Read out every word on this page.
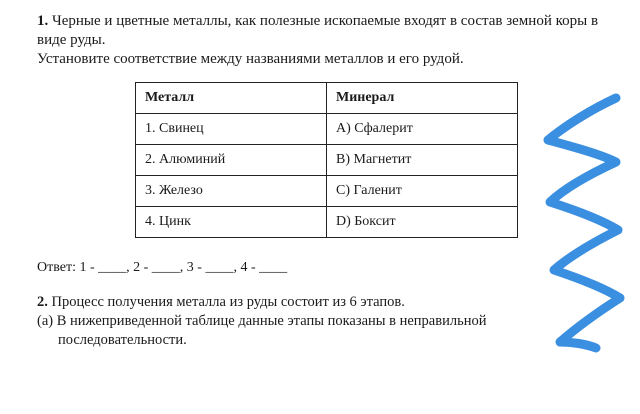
1. Черные и цветные металлы, как полезные ископаемые входят в состав земной коры в
виде руды.
Установите соответствие между названиями металлов и его рудой.
Металл	Минерал
1. Свинец	A) Сфалерит
2. Алюминий	B) Магнетит
3. Железо	C) Галенит
4. Цинк	D) Боксит
Ответ: 1 - ____, 2 - ____, 3 - ____, 4 - ____
2. Процесс получения металла из руды состоит из 6 этапов.
(а) В нижеприведенной таблице данные этапы показаны в неправильной
последовательности.
